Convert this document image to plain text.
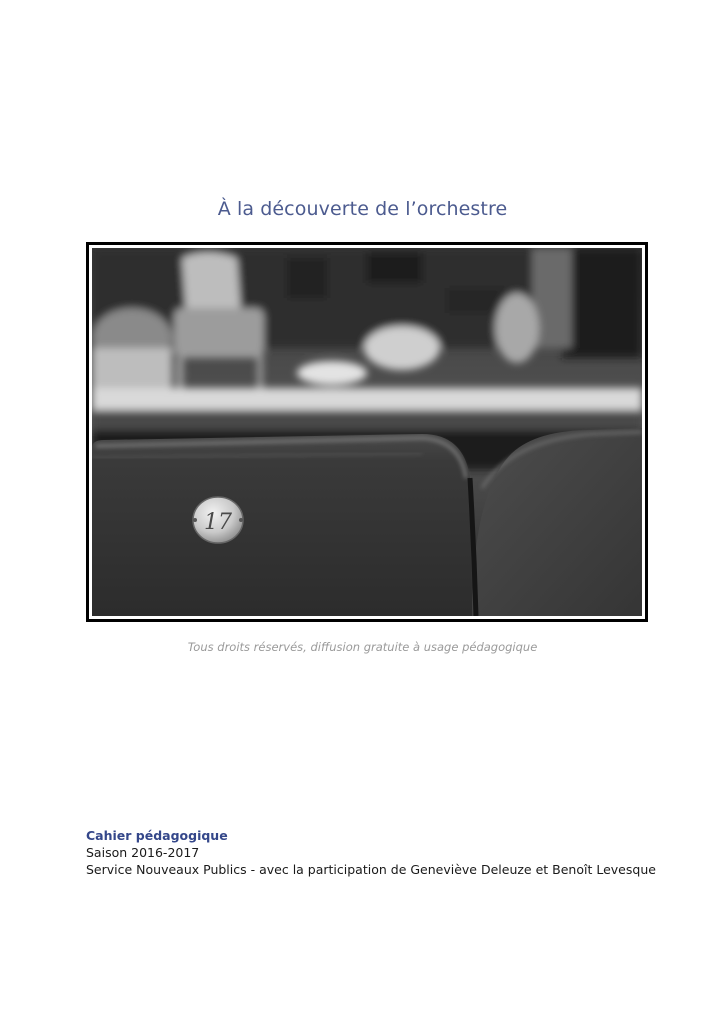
À la découverte de l’orchestre
17
Tous droits réservés, diffusion gratuite à usage pédagogique
Cahier pédagogique
Saison 2016-2017
Service Nouveaux Publics - avec la participation de Geneviève Deleuze et Benoît Levesque
